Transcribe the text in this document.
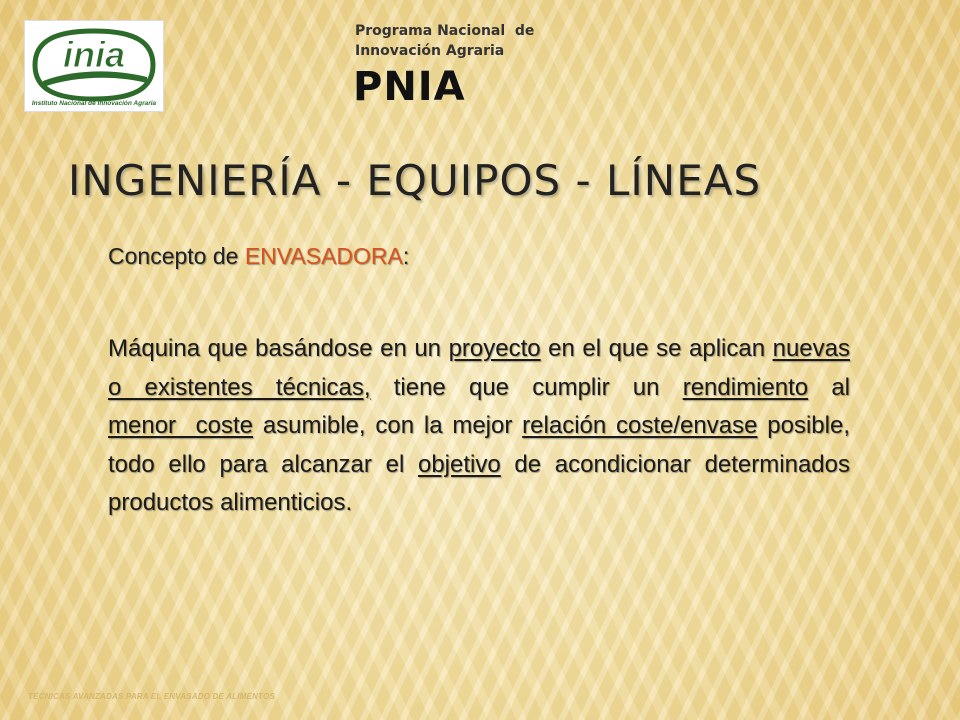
inia
Instituto Nacional de Innovación Agraria
Programa Nacional  de
Innovación Agraria
PNIA
INGENIERÍA - EQUIPOS - LÍNEAS
Concepto de ENVASADORA:
Máquina que basándose en un proyecto en el que se aplican nuevas o existentes técnicas, tiene que cumplir un rendimiento al menor  coste asumible, con la mejor relación coste/envase posible, todo ello para alcanzar el objetivo de acondicionar determinados productos alimenticios.
TÉCNICAS AVANZADAS PARA EL ENVASADO DE ALIMENTOS
